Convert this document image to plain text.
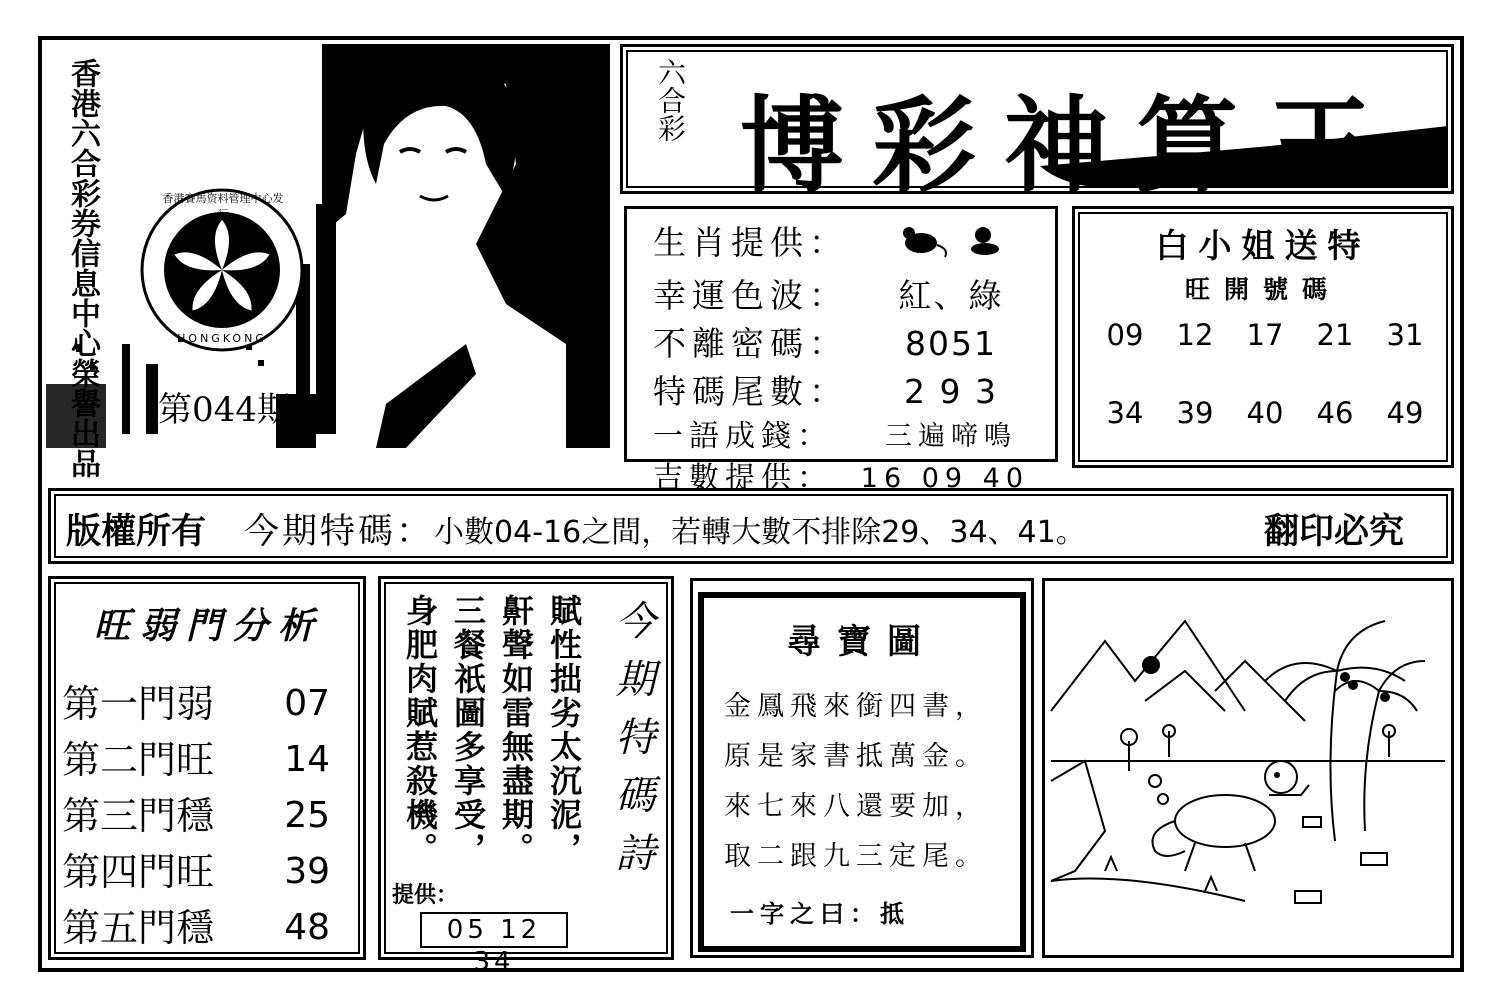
香港六合彩券信息中心榮譽出品	香港賽馬资料管理中心发行
HONGKONG
第044期
六合彩 博彩神算王
生肖提供：
幸運色波：	紅、綠
不離密碼：	8051
特碼尾數：	2 9 3
一語成錢：	三遍啼鳴
吉數提供：	16 09 40
白小姐送特
旺開號碼
09	12	17	21	31
34	39	40	46	49
版權所有 今期特碼： 小數04-16之間，若轉大數不排除29、34、41。	翻印必究
旺弱門分析
第一門弱 07
第二門旺 14
第三門穩 25
第四門旺 39
第五門穩 48
賦性拙劣太沉泥，
鼾聲如雷無盡期。
三餐祇圖多享受，
身肥肉賦惹殺機。	今期特碼詩
提供：
05 12 34
尋寶圖
金鳳飛來銜四書，
原是家書抵萬金。
來七來八還要加，
取二跟九三定尾。
一字之曰：抵
